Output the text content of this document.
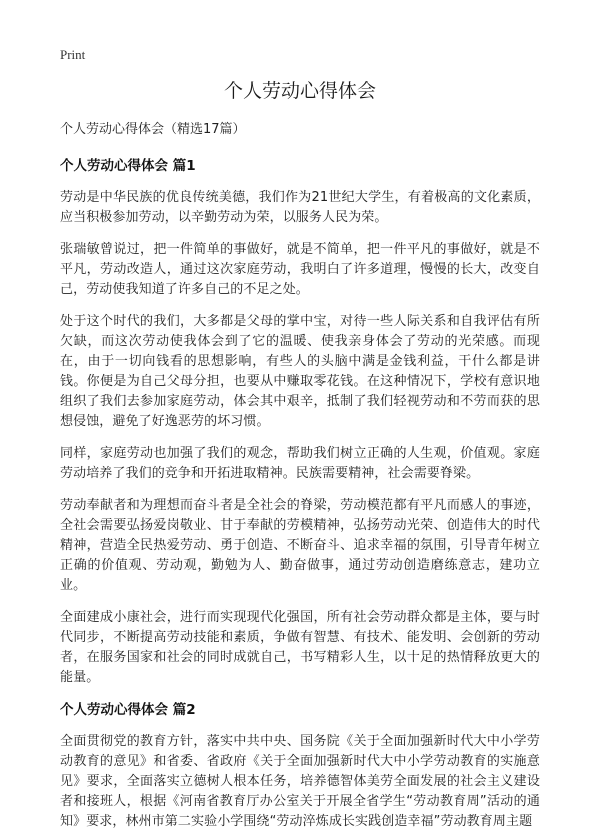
Print
个人劳动心得体会

个人劳动心得体会（精选17篇）

个人劳动心得体会 篇1

劳动是中华民族的优良传统美德，我们作为21世纪大学生，有着极高的文化素质，应当积极参加劳动，以辛勤劳动为荣，以服务人民为荣。

张瑞敏曾说过，把一件简单的事做好，就是不简单，把一件平凡的事做好，就是不平凡，劳动改造人，通过这次家庭劳动，我明白了许多道理，慢慢的长大，改变自己，劳动使我知道了许多自己的不足之处。

处于这个时代的我们，大多都是父母的掌中宝，对待一些人际关系和自我评估有所欠缺，而这次劳动使我体会到了它的温暖、使我亲身体会了劳动的光荣感。而现在，由于一切向钱看的思想影响，有些人的头脑中满是金钱利益，干什么都是讲钱。你便是为自己父母分担，也要从中赚取零花钱。在这种情况下，学校有意识地组织了我们去参加家庭劳动，体会其中艰辛，抵制了我们轻视劳动和不劳而获的思想侵蚀，避免了好逸恶劳的坏习惯。

同样，家庭劳动也加强了我们的观念，帮助我们树立正确的人生观，价值观。家庭劳动培养了我们的竞争和开拓进取精神。民族需要精神，社会需要脊梁。

劳动奉献者和为理想而奋斗者是全社会的脊梁，劳动模范都有平凡而感人的事迹，全社会需要弘扬爱岗敬业、甘于奉献的劳模精神，弘扬劳动光荣、创造伟大的时代精神，营造全民热爱劳动、勇于创造、不断奋斗、追求幸福的氛围，引导青年树立正确的价值观、劳动观，勤勉为人、勤奋做事，通过劳动创造磨练意志，建功立业。

全面建成小康社会，进行而实现现代化强国，所有社会劳动群众都是主体，要与时代同步，不断提高劳动技能和素质，争做有智慧、有技术、能发明、会创新的劳动者，在服务国家和社会的同时成就自己，书写精彩人生，以十足的热情释放更大的能量。

个人劳动心得体会 篇2

全面贯彻党的教育方针，落实中共中央、国务院《关于全面加强新时代大中小学劳动教育的意见》和省委、省政府《关于全面加强新时代大中小学劳动教育的实施意见》要求，全面落实立德树人根本任务，培养德智体美劳全面发展的社会主义建设者和接班人，根据《河南省教育厅办公室关于开展全省学生“劳动教育周”活动的通知》要求，林州市第二实验小学围绕“劳动淬炼成长实践创造幸福”劳动教育周主题
